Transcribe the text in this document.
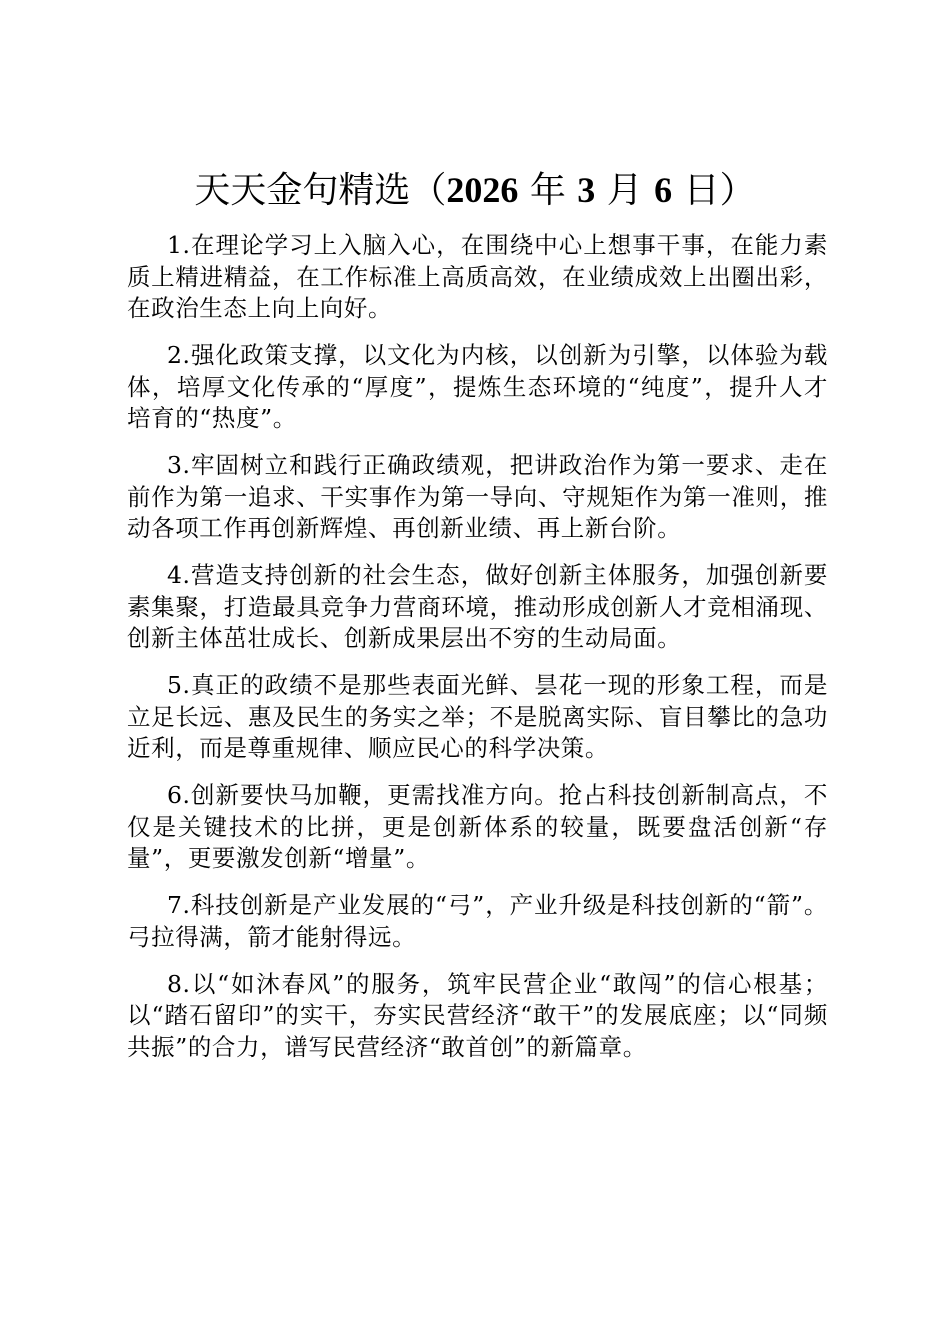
天天金句精选（2026 年 3 月 6 日）

1.在理论学习上入脑入心，在围绕中心上想事干事，在能力素质上精进精益，在工作标准上高质高效，在业绩成效上出圈出彩，在政治生态上向上向好。

2.强化政策支撑，以文化为内核，以创新为引擎，以体验为载体，培厚文化传承的“厚度”，提炼生态环境的“纯度”，提升人才培育的“热度”。

3.牢固树立和践行正确政绩观，把讲政治作为第一要求、走在前作为第一追求、干实事作为第一导向、守规矩作为第一准则，推动各项工作再创新辉煌、再创新业绩、再上新台阶。

4.营造支持创新的社会生态，做好创新主体服务，加强创新要素集聚，打造最具竞争力营商环境，推动形成创新人才竞相涌现、创新主体茁壮成长、创新成果层出不穷的生动局面。

5.真正的政绩不是那些表面光鲜、昙花一现的形象工程，而是立足长远、惠及民生的务实之举；不是脱离实际、盲目攀比的急功近利，而是尊重规律、顺应民心的科学决策。

6.创新要快马加鞭，更需找准方向。抢占科技创新制高点，不仅是关键技术的比拼，更是创新体系的较量，既要盘活创新“存量”，更要激发创新“增量”。

7.科技创新是产业发展的“弓”，产业升级是科技创新的“箭”。弓拉得满，箭才能射得远。

8.以“如沐春风”的服务，筑牢民营企业“敢闯”的信心根基；以“踏石留印”的实干，夯实民营经济“敢干”的发展底座；以“同频共振”的合力，谱写民营经济“敢首创”的新篇章。
